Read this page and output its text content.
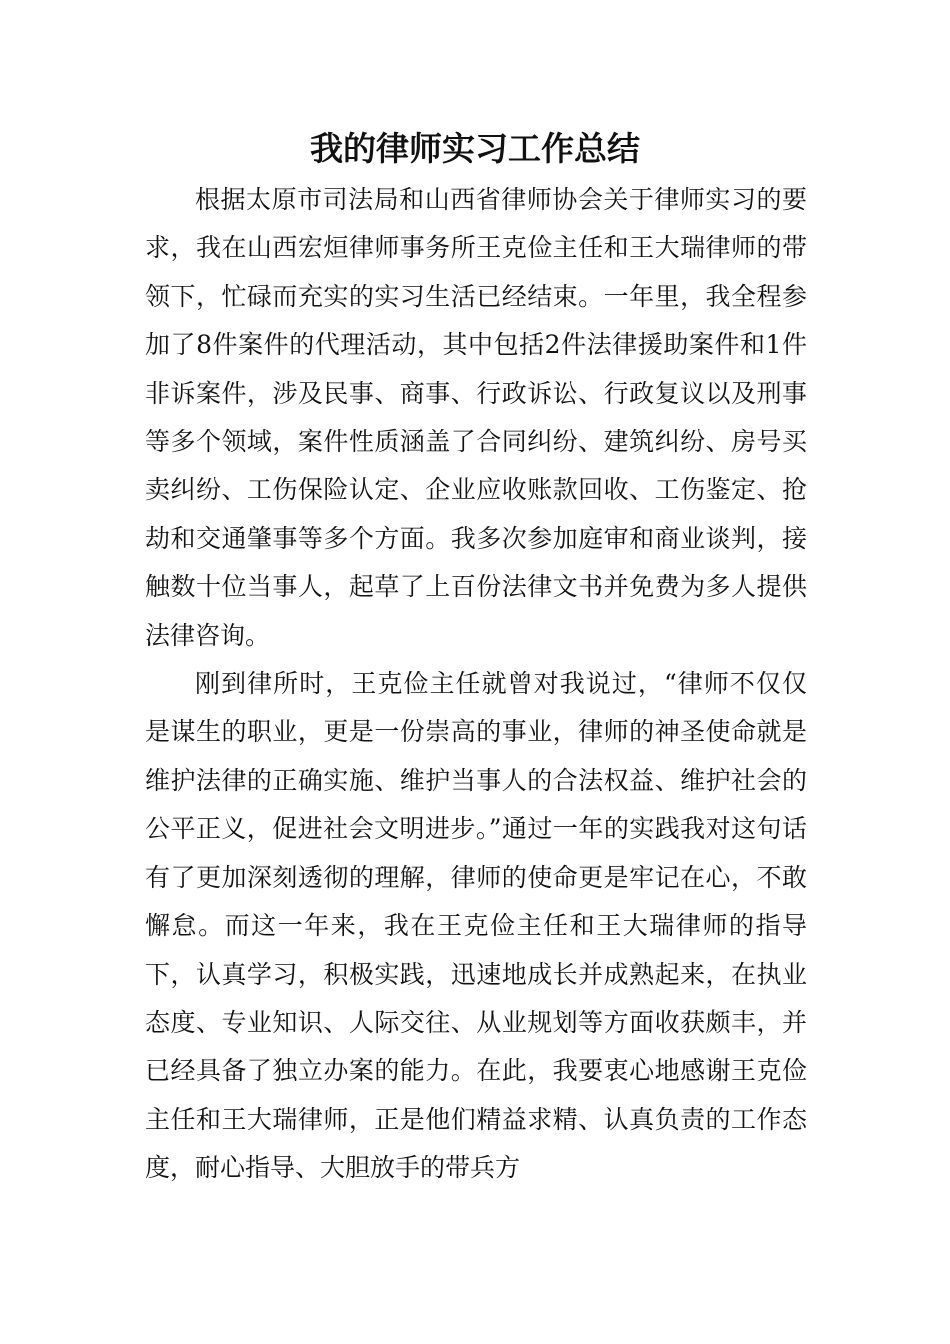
我的律师实习工作总结

根据太原市司法局和山西省律师协会关于律师实习的要求，我在山西宏烜律师事务所王克俭主任和王大瑞律师的带领下，忙碌而充实的实习生活已经结束。一年里，我全程参加了8件案件的代理活动，其中包括2件法律援助案件和1件非诉案件，涉及民事、商事、行政诉讼、行政复议以及刑事等多个领域，案件性质涵盖了合同纠纷、建筑纠纷、房号买卖纠纷、工伤保险认定、企业应收账款回收、工伤鉴定、抢劫和交通肇事等多个方面。我多次参加庭审和商业谈判，接触数十位当事人，起草了上百份法律文书并免费为多人提供法律咨询。

刚到律所时，王克俭主任就曾对我说过，“律师不仅仅是谋生的职业，更是一份崇高的事业，律师的神圣使命就是维护法律的正确实施、维护当事人的合法权益、维护社会的公平正义，促进社会文明进步。”通过一年的实践我对这句话有了更加深刻透彻的理解，律师的使命更是牢记在心，不敢懈怠。而这一年来，我在王克俭主任和王大瑞律师的指导下，认真学习，积极实践，迅速地成长并成熟起来，在执业态度、专业知识、人际交往、从业规划等方面收获颇丰，并已经具备了独立办案的能力。在此，我要衷心地感谢王克俭主任和王大瑞律师，正是他们精益求精、认真负责的工作态度，耐心指导、大胆放手的带兵方
